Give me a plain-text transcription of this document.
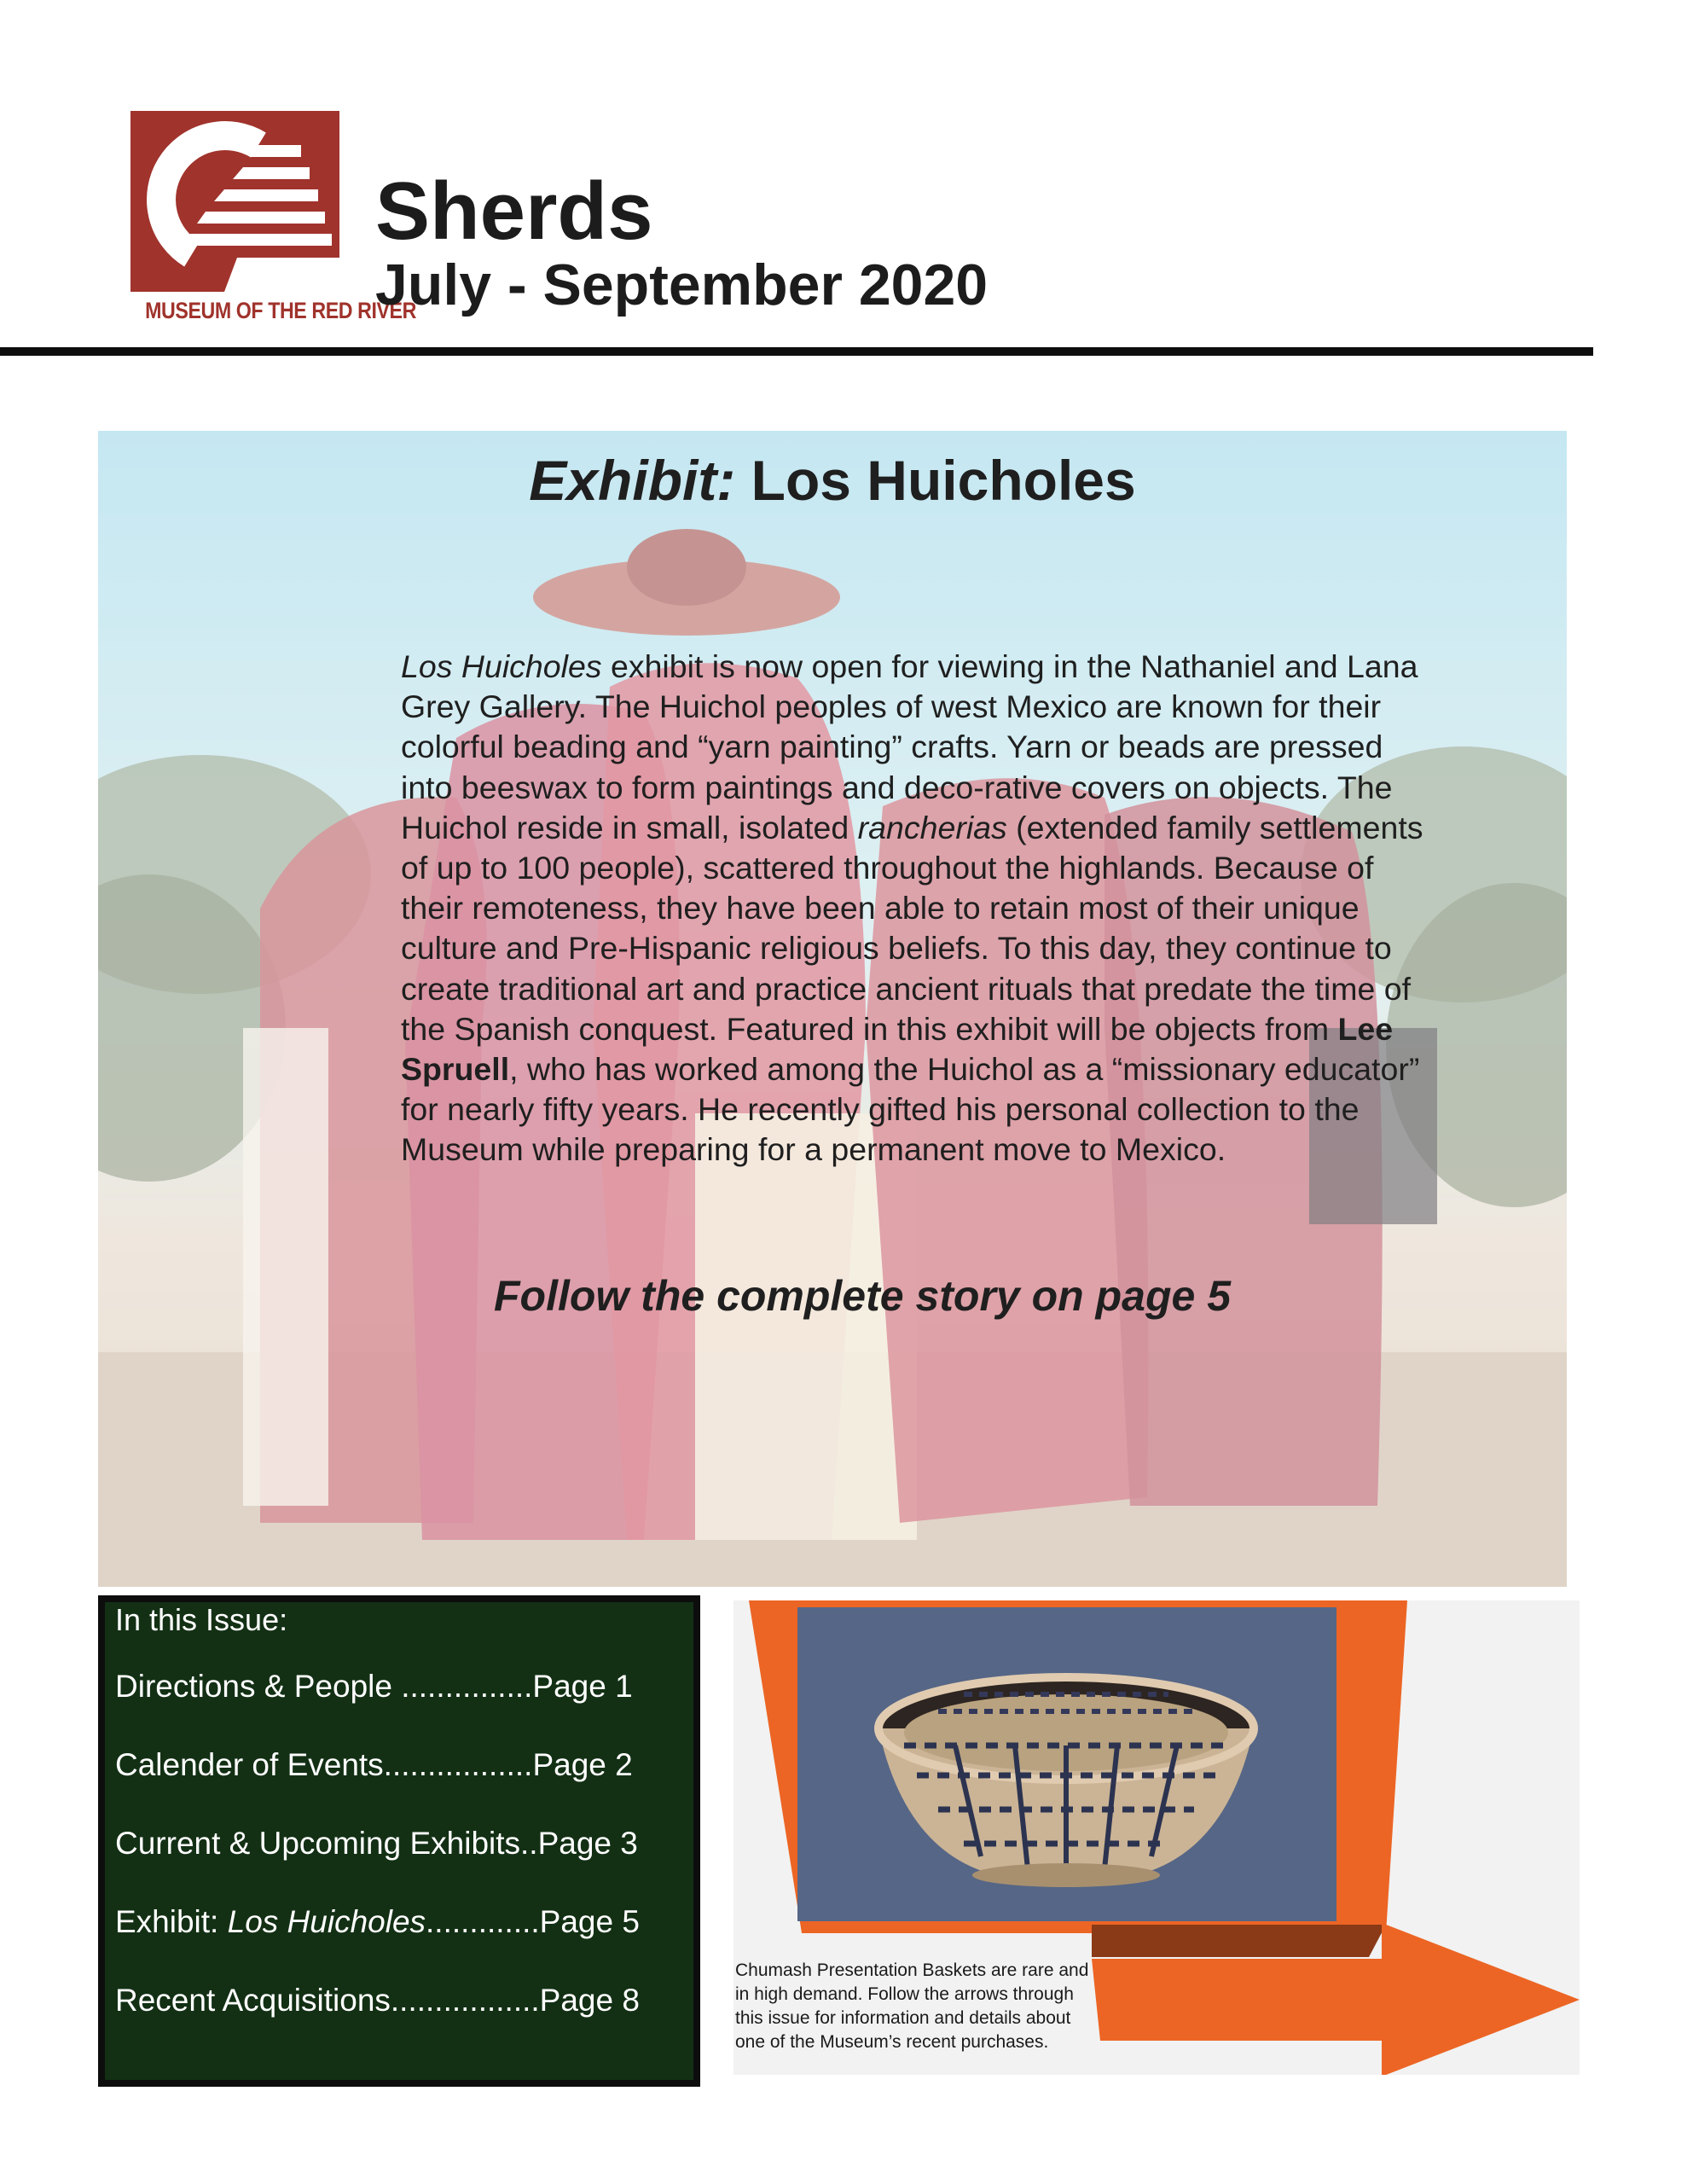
MUSEUM OF THE RED RIVER
Sherds
July - September 2020
Exhibit: Los Huicholes
Los Huicholes exhibit is now open for viewing in the Nathaniel and Lana Grey Gallery. The Huichol peoples of west Mexico are known for their colorful beading and “yarn painting” crafts. Yarn or beads are pressed into beeswax to form paintings and deco-rative covers on objects. The Huichol reside in small, isolated rancherias (extended family settlements of up to 100 people), scattered throughout the highlands. Because of their remoteness, they have been able to retain most of their unique culture and Pre-Hispanic religious beliefs. To this day, they continue to create traditional art and practice ancient rituals that predate the time of the Spanish conquest. Featured in this exhibit will be objects from Lee Spruell, who has worked among the Huichol as a “missionary educator” for nearly fifty years. He recently gifted his personal collection to the Museum while preparing for a permanent move to Mexico.
Follow the complete story on page 5
In this Issue:
Directions & People ...............Page 1
Calender of Events.................Page 2
Current & Upcoming Exhibits..Page 3
Exhibit: Los Huicholes.............Page 5
Recent Acquisitions.................Page 8
Chumash Presentation Baskets are rare and in high demand. Follow the arrows through this issue for information and details about one of the Museum’s recent purchases.
